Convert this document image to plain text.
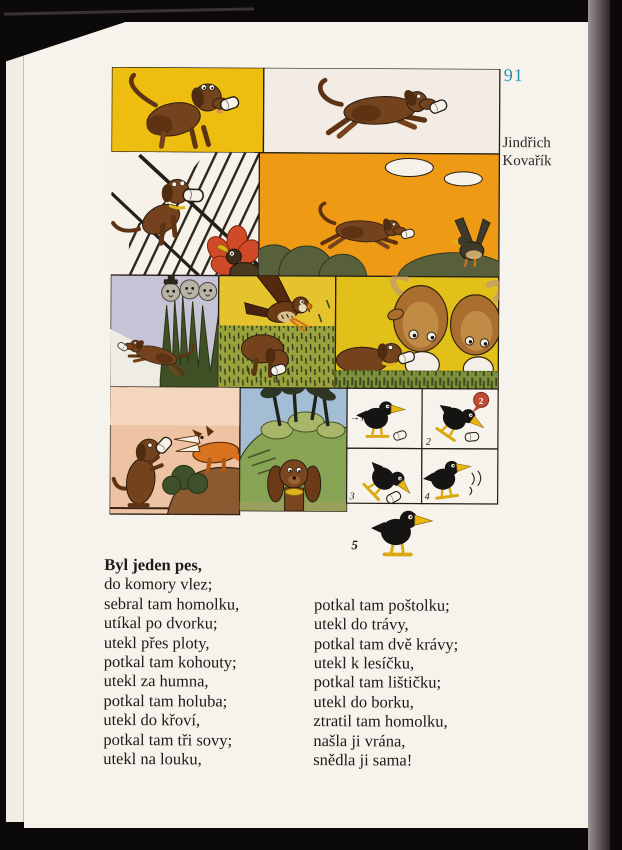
91
Jindřich
Kovařík
→1
2
2
3	4
5
Byl jeden pes,
do komory vlez;
sebral tam homolku,
utíkal po dvorku;
utekl přes ploty,
potkal tam kohouty;
utekl za humna,
potkal tam holuba;
utekl do křoví,
potkal tam tři sovy;
utekl na louku,
potkal tam poštolku;
utekl do trávy,
potkal tam dvě krávy;
utekl k lesíčku,
potkal tam lištičku;
utekl do borku,
ztratil tam homolku,
našla ji vrána,
snědla ji sama!
